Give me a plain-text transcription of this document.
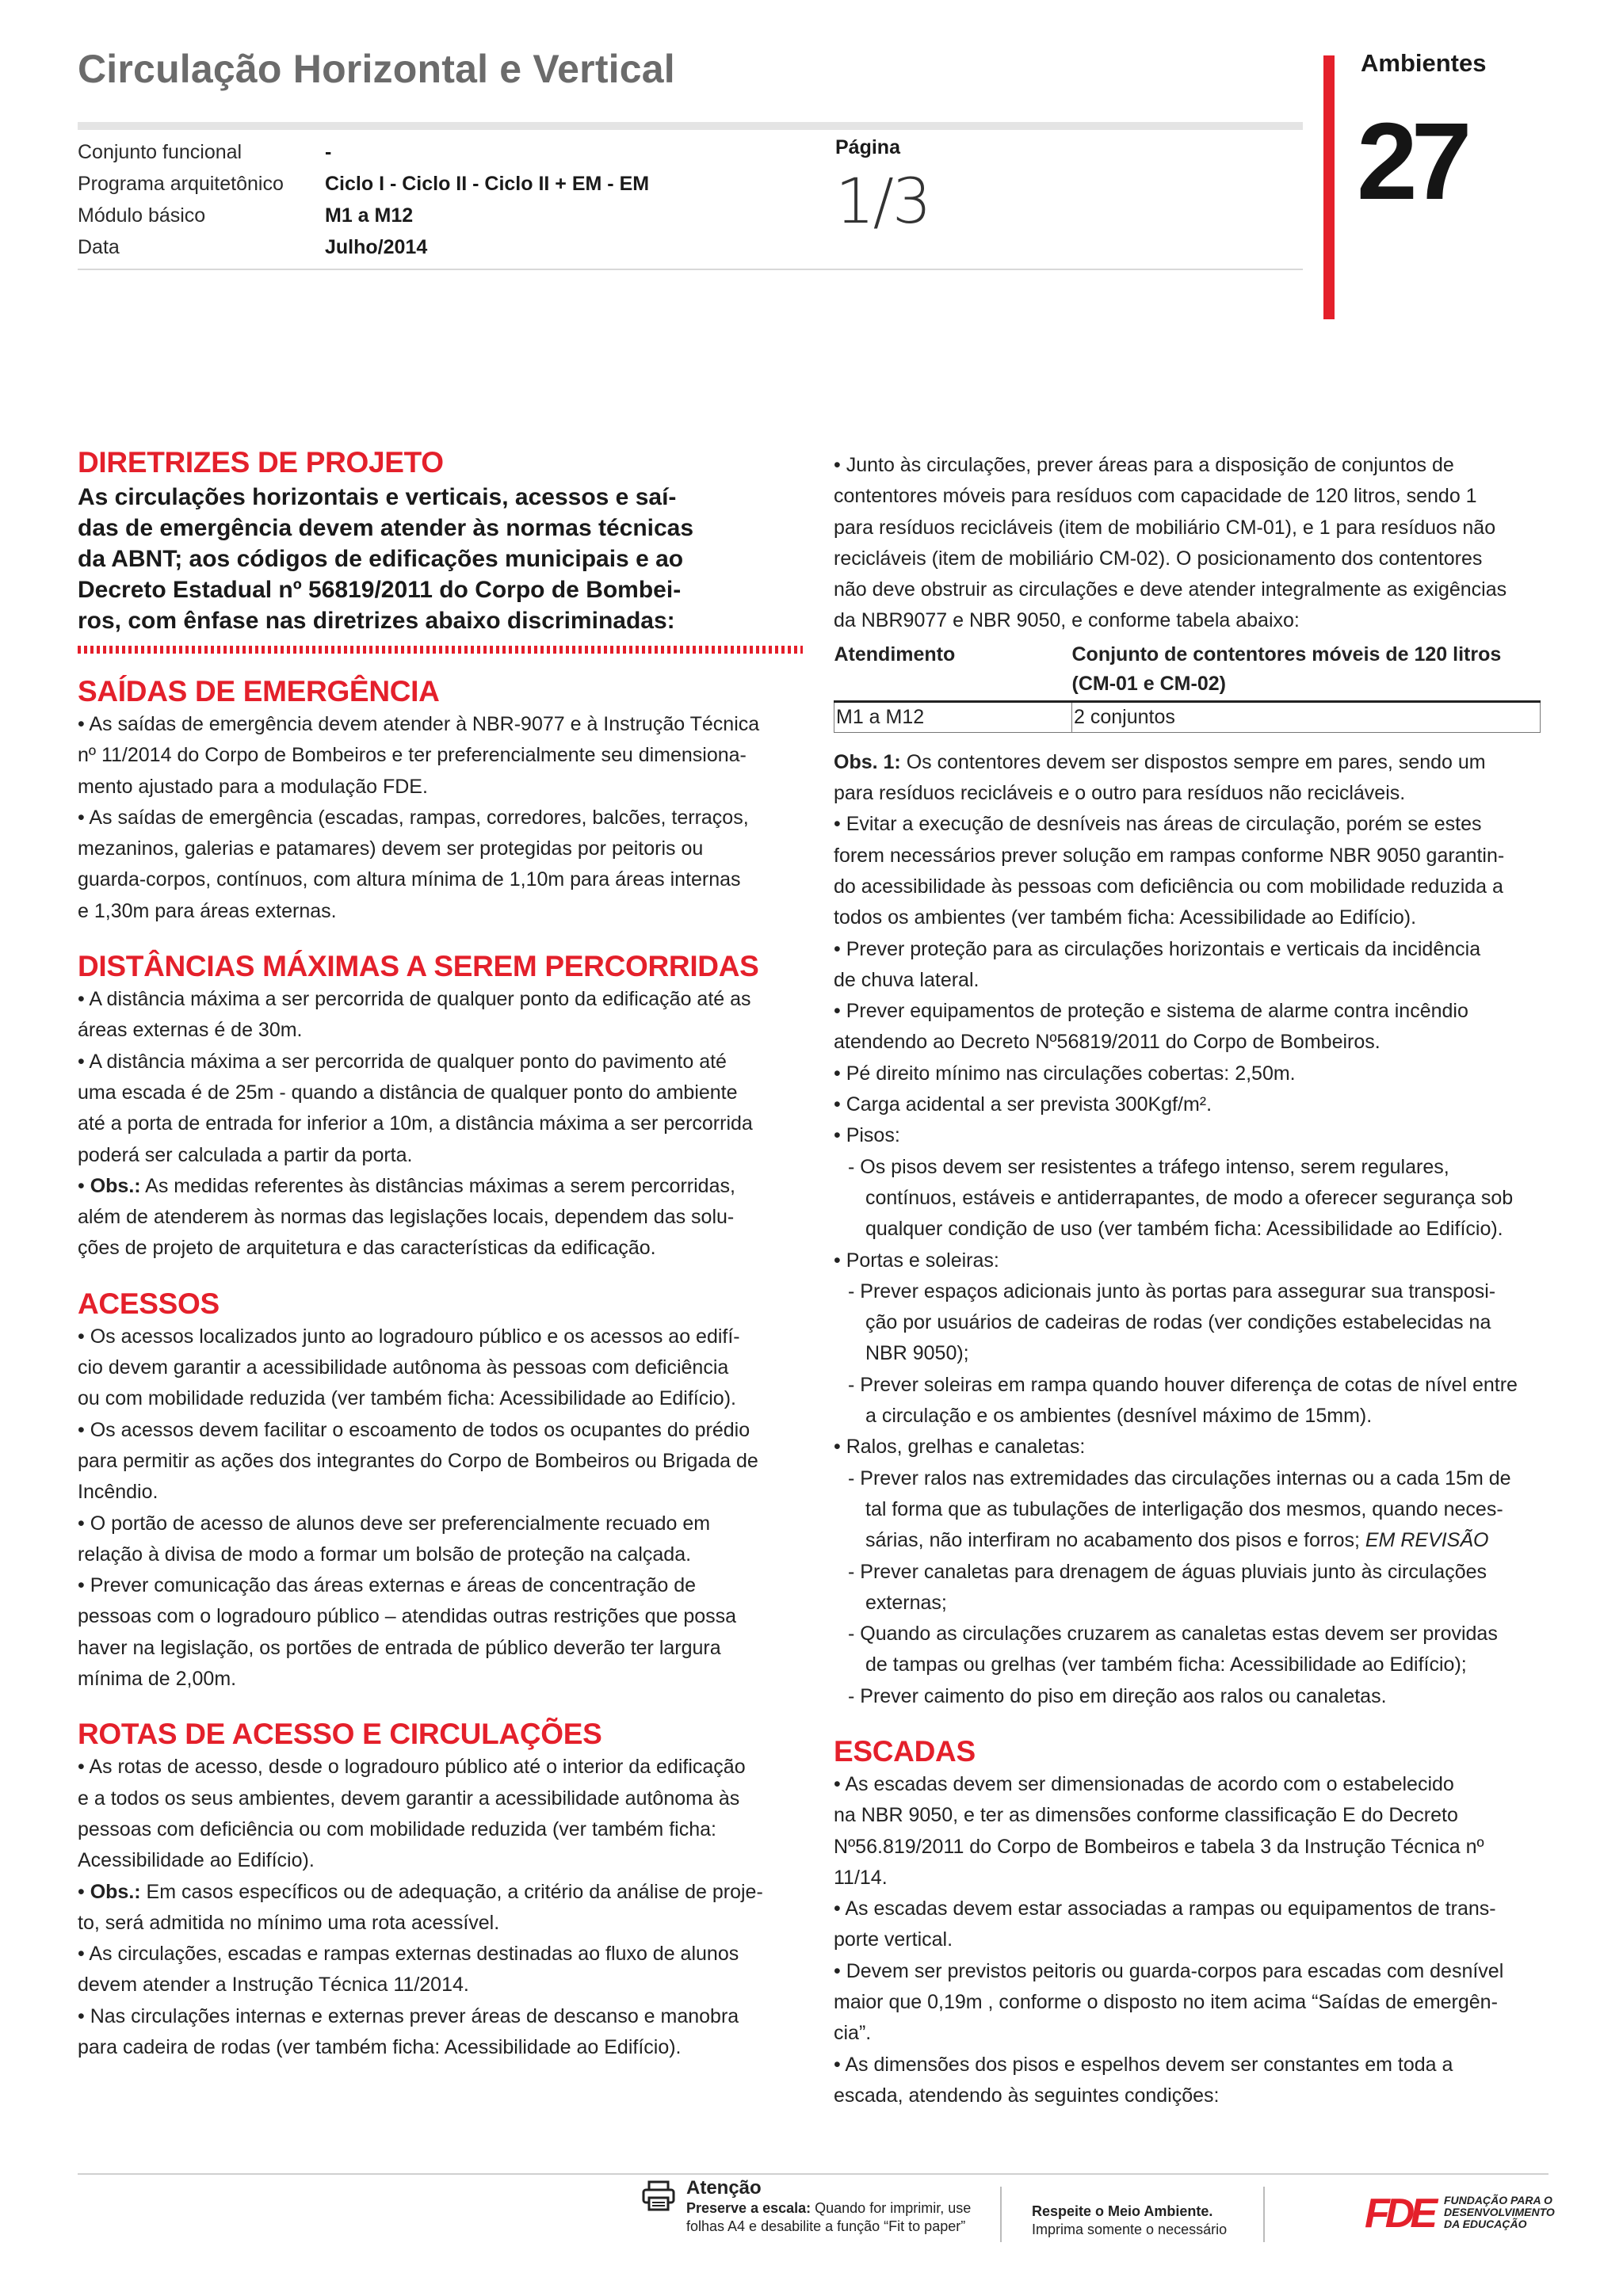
Circulação Horizontal e Vertical
Conjunto funcional	-
Programa arquitetônico	Ciclo I - Ciclo II - Ciclo II + EM - EM
Módulo básico	M1 a M12
Data	Julho/2014
Página
1/3
Ambientes
27
DIRETRIZES DE PROJETO
As circulações horizontais e verticais, acessos e saí-
das de emergência devem atender às normas técnicas
da ABNT; aos códigos de edificações municipais e ao
Decreto Estadual nº 56819/2011 do Corpo de Bombei-
ros, com ênfase nas diretrizes abaixo discriminadas:
SAÍDAS DE EMERGÊNCIA

• As saídas de emergência devem atender à NBR-9077 e à Instrução Técnica

nº 11/2014 do Corpo de Bombeiros e ter preferencialmente seu dimensiona-

mento ajustado para a modulação FDE.

• As saídas de emergência (escadas, rampas, corredores, balcões, terraços,

mezaninos, galerias e patamares) devem ser protegidas por peitoris ou

guarda-corpos, contínuos, com altura mínima de 1,10m para áreas internas

e 1,30m para áreas externas.

DISTÂNCIAS MÁXIMAS A SEREM PERCORRIDAS

• A distância máxima a ser percorrida de qualquer ponto da edificação até as

áreas externas é de 30m.

• A distância máxima a ser percorrida de qualquer ponto do pavimento até

uma escada é de 25m - quando a distância de qualquer ponto do ambiente

até a porta de entrada for inferior a 10m, a distância máxima a ser percorrida

poderá ser calculada a partir da porta.

• Obs.: As medidas referentes às distâncias máximas a serem percorridas,

além de atenderem às normas das legislações locais, dependem das solu-

ções de projeto de arquitetura e das características da edificação.

ACESSOS

• Os acessos localizados junto ao logradouro público e os acessos ao edifí-

cio devem garantir a acessibilidade autônoma às pessoas com deficiência

ou com mobilidade reduzida (ver também ficha: Acessibilidade ao Edifício).

• Os acessos devem facilitar o escoamento de todos os ocupantes do prédio

para permitir as ações dos integrantes do Corpo de Bombeiros ou Brigada de

Incêndio.

• O portão de acesso de alunos deve ser preferencialmente recuado em

relação à divisa de modo a formar um bolsão de proteção na calçada.

• Prever comunicação das áreas externas e áreas de concentração de

pessoas com o logradouro público – atendidas outras restrições que possa

haver na legislação, os portões de entrada de público deverão ter largura

mínima de 2,00m.

ROTAS DE ACESSO E CIRCULAÇÕES

• As rotas de acesso, desde o logradouro público até o interior da edificação

e a todos os seus ambientes, devem garantir a acessibilidade autônoma às

pessoas com deficiência ou com mobilidade reduzida (ver também ficha:

Acessibilidade ao Edifício).

• Obs.: Em casos específicos ou de adequação, a critério da análise de proje-

to, será admitida no mínimo uma rota acessível.

• As circulações, escadas e rampas externas destinadas ao fluxo de alunos

devem atender a Instrução Técnica 11/2014.

• Nas circulações internas e externas prever áreas de descanso e manobra

para cadeira de rodas (ver também ficha: Acessibilidade ao Edifício).

• Junto às circulações, prever áreas para a disposição de conjuntos de

contentores móveis para resíduos com capacidade de 120 litros, sendo 1

para resíduos recicláveis (item de mobiliário CM-01), e 1 para resíduos não

recicláveis (item de mobiliário CM-02). O posicionamento dos contentores

não deve obstruir as circulações e deve atender integralmente as exigências

da NBR9077 e NBR 9050, e conforme tabela abaixo:

Atendimento	Conjunto de contentores móveis de 120 litros
(CM-01 e CM-02)

M1 a M12	2 conjuntos

Obs. 1: Os contentores devem ser dispostos sempre em pares, sendo um

para resíduos recicláveis e o outro para resíduos não recicláveis.

• Evitar a execução de desníveis nas áreas de circulação, porém se estes

forem necessários prever solução em rampas conforme NBR 9050 garantin-

do acessibilidade às pessoas com deficiência ou com mobilidade reduzida a

todos os ambientes (ver também ficha: Acessibilidade ao Edifício).

• Prever proteção para as circulações horizontais e verticais da incidência

de chuva lateral.

• Prever equipamentos de proteção e sistema de alarme contra incêndio

atendendo ao Decreto Nº56819/2011 do Corpo de Bombeiros.

• Pé direito mínimo nas circulações cobertas: 2,50m.

• Carga acidental a ser prevista 300Kgf/m².

• Pisos:

- Os pisos devem ser resistentes a tráfego intenso, serem regulares,
contínuos, estáveis e antiderrapantes, de modo a oferecer segurança sob
qualquer condição de uso (ver também ficha: Acessibilidade ao Edifício).

• Portas e soleiras:

- Prever espaços adicionais junto às portas para assegurar sua transposi-
ção por usuários de cadeiras de rodas (ver condições estabelecidas na
NBR 9050);

- Prever soleiras em rampa quando houver diferença de cotas de nível entre
a circulação e os ambientes (desnível máximo de 15mm).

• Ralos, grelhas e canaletas:

- Prever ralos nas extremidades das circulações internas ou a cada 15m de
tal forma que as tubulações de interligação dos mesmos, quando neces-
sárias, não interfiram no acabamento dos pisos e forros; EM REVISÃO

- Prever canaletas para drenagem de águas pluviais junto às circulações
externas;

- Quando as circulações cruzarem as canaletas estas devem ser providas
de tampas ou grelhas (ver também ficha: Acessibilidade ao Edifício);

- Prever caimento do piso em direção aos ralos ou canaletas.

ESCADAS

• As escadas devem ser dimensionadas de acordo com o estabelecido

na NBR 9050, e ter as dimensões conforme classificação E do Decreto

Nº56.819/2011 do Corpo de Bombeiros e tabela 3 da Instrução Técnica nº

11/14.

• As escadas devem estar associadas a rampas ou equipamentos de trans-

porte vertical.

• Devem ser previstos peitoris ou guarda-corpos para escadas com desnível

maior que 0,19m , conforme o disposto no item acima “Saídas de emergên-

cia”.

• As dimensões dos pisos e espelhos devem ser constantes em toda a

escada, atendendo às seguintes condições:

Atenção
Preserve a escala: Quando for imprimir, use
folhas A4 e desabilite a função “Fit to paper”
Respeite o Meio Ambiente.
Imprima somente o necessário	FDE	FUNDAÇÃO PARA O
DESENVOLVIMENTO
DA EDUCAÇÃO
